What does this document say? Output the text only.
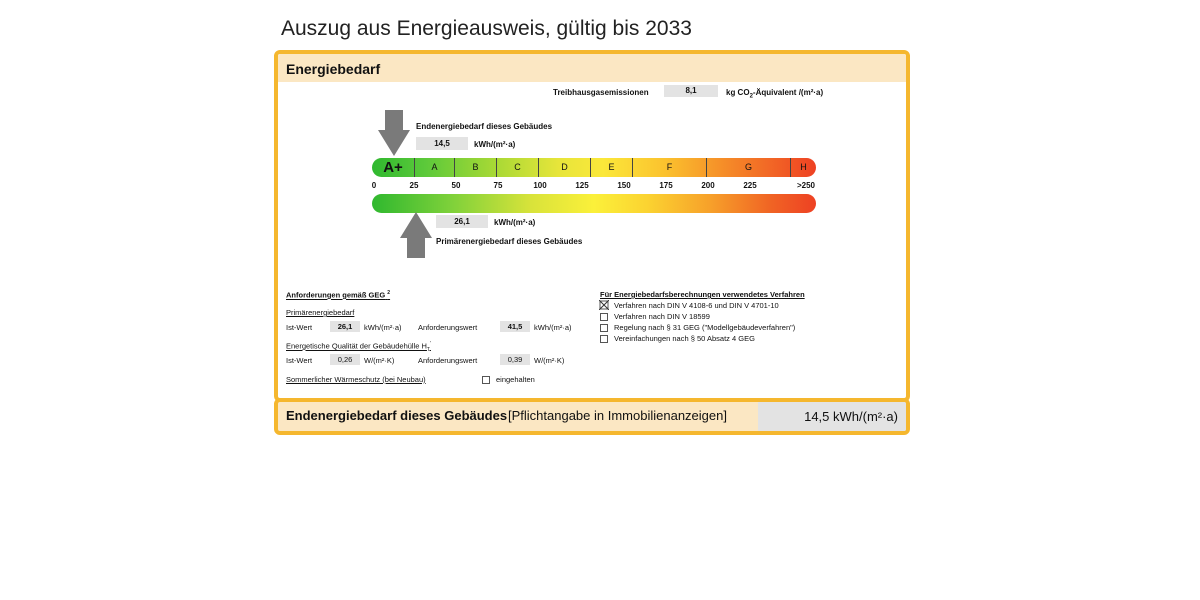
Auszug aus Energieausweis, gültig bis 2033
Energiebedarf
Treibhausgasemissionen	8,1	kg $CO_2$-Äquivalent /(m²·a)
Endenergiebedarf dieses Gebäudes
14,5	kWh/(m²·a)
A+	A	B	C	D	E	F	G	H
0	25	50	75	100	125	150	175	200	225	>250
26,1	kWh/(m²·a)
Primärenergiebedarf dieses Gebäudes
Anforderungen gemäß GEG $^2$
Primärenergiebedarf
Ist-Wert	26,1	kWh/(m²·a) Anforderungswert	41,5	kWh/(m²·a)
Energetische Qualität der Gebäudehülle $H_T'$
Ist-Wert	0,26	W/(m²·K)	Anforderungswert	0,39	W/(m²·K)
Sommerlicher Wärmeschutz (bei Neubau)	eingehalten
Für Energiebedarfsberechnungen verwendetes Verfahren
Verfahren nach DIN V 4108-6 und DIN V 4701-10
Verfahren nach DIN V 18599
Regelung nach § 31 GEG ("Modellgebäudeverfahren")
Vereinfachungen nach § 50 Absatz 4 GEG
Endenergiebedarf dieses Gebäudes [Pflichtangabe in Immobilienanzeigen]	14,5 kWh/(m²·a)
